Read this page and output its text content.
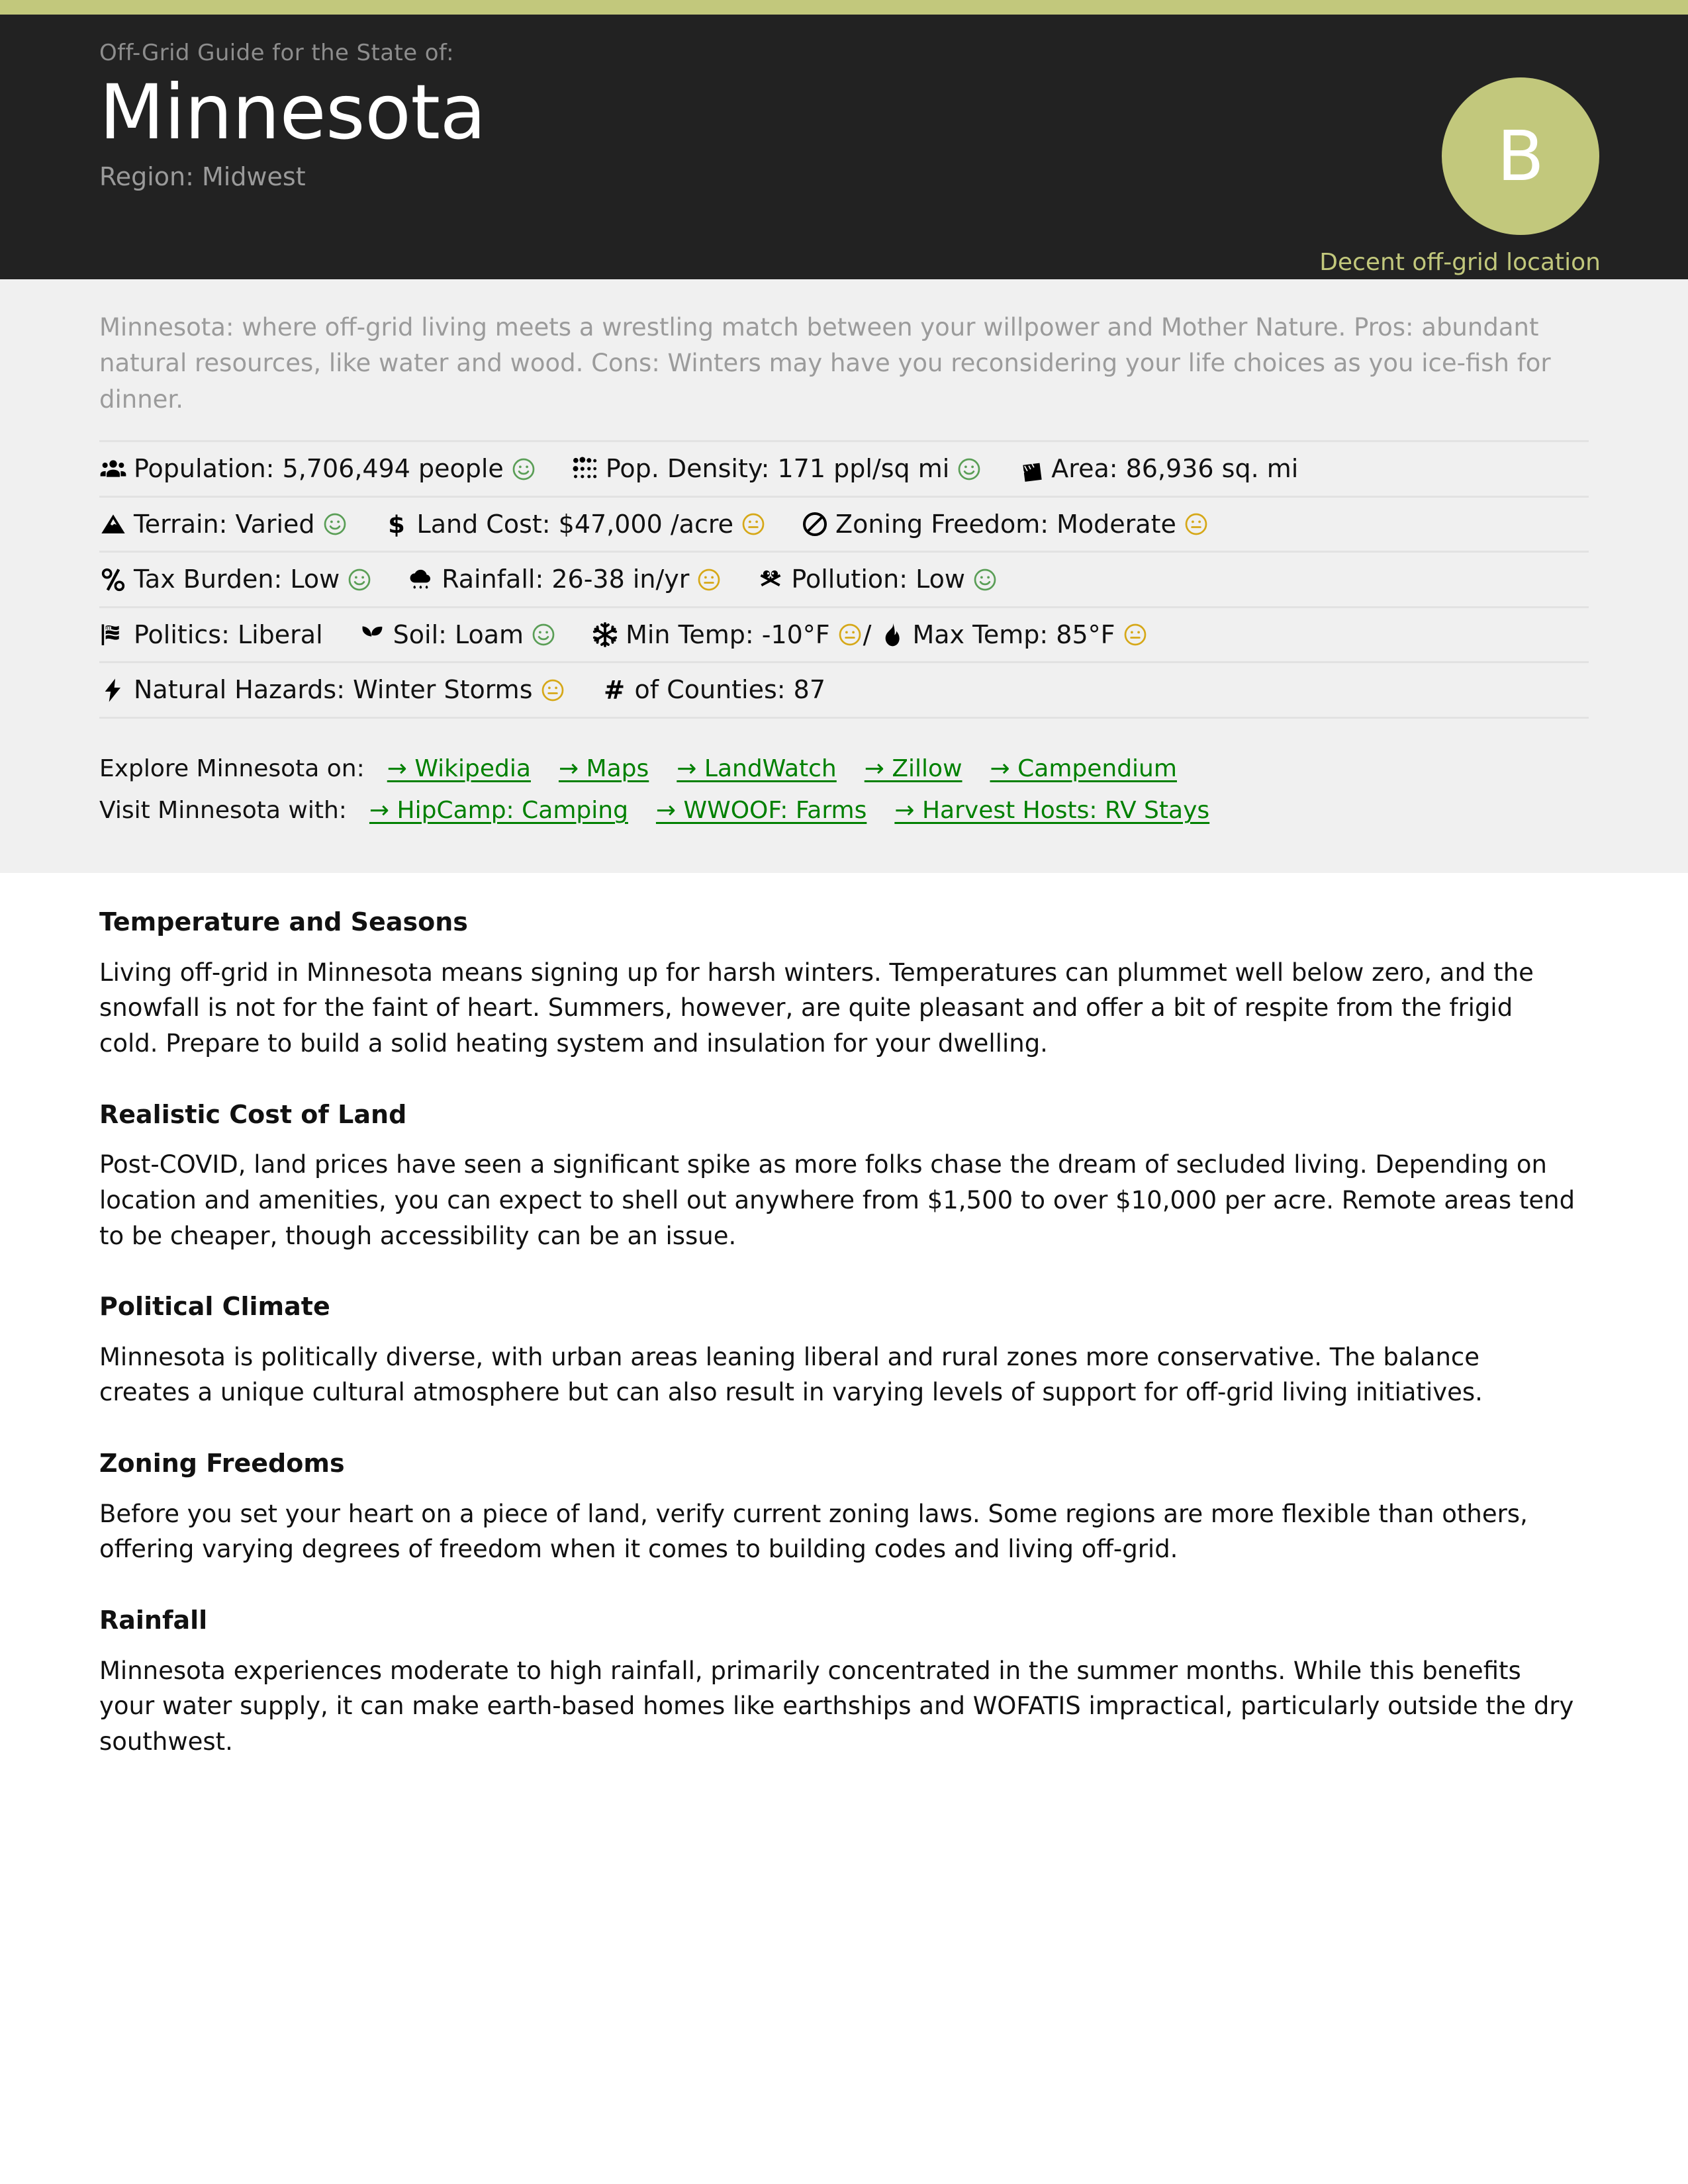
Off-Grid Guide for the State of:

Minnesota

Region: Midwest	B
Decent off-grid location

Minnesota: where off-grid living meets a wrestling match between your willpower and Mother Nature. Pros: abundant natural resources, like water and wood. Cons: Winters may have you reconsidering your life choices as you ice-fish for dinner.

Population: 5,706,494 people	Pop. Density: 171 ppl/sq mi	Area: 86,936 sq. mi
Terrain: Varied	$ Land Cost: $47,000 /acre	Zoning Freedom: Moderate
Tax Burden: Low	Rainfall: 26-38 in/yr	Pollution: Low
Politics: Liberal	Soil: Loam	Min Temp: -10°F / Max Temp: 85°F
Natural Hazards: Winter Storms	# of Counties: 87
Explore Minnesota on: → Wikipedia → Maps → LandWatch → Zillow → Campendium
Visit Minnesota with: → HipCamp: Camping → WWOOF: Farms → Harvest Hosts: RV Stays
Temperature and Seasons

Living off-grid in Minnesota means signing up for harsh winters. Temperatures can plummet well below zero, and the snowfall is not for the faint of heart. Summers, however, are quite pleasant and offer a bit of respite from the frigid cold. Prepare to build a solid heating system and insulation for your dwelling.

Realistic Cost of Land

Post-COVID, land prices have seen a significant spike as more folks chase the dream of secluded living. Depending on location and amenities, you can expect to shell out anywhere from $1,500 to over $10,000 per acre. Remote areas tend to be cheaper, though accessibility can be an issue.

Political Climate

Minnesota is politically diverse, with urban areas leaning liberal and rural zones more conservative. The balance creates a unique cultural atmosphere but can also result in varying levels of support for off-grid living initiatives.

Zoning Freedoms

Before you set your heart on a piece of land, verify current zoning laws. Some regions are more flexible than others, offering varying degrees of freedom when it comes to building codes and living off-grid.

Rainfall

Minnesota experiences moderate to high rainfall, primarily concentrated in the summer months. While this benefits your water supply, it can make earth-based homes like earthships and WOFATIS impractical, particularly outside the dry southwest.
